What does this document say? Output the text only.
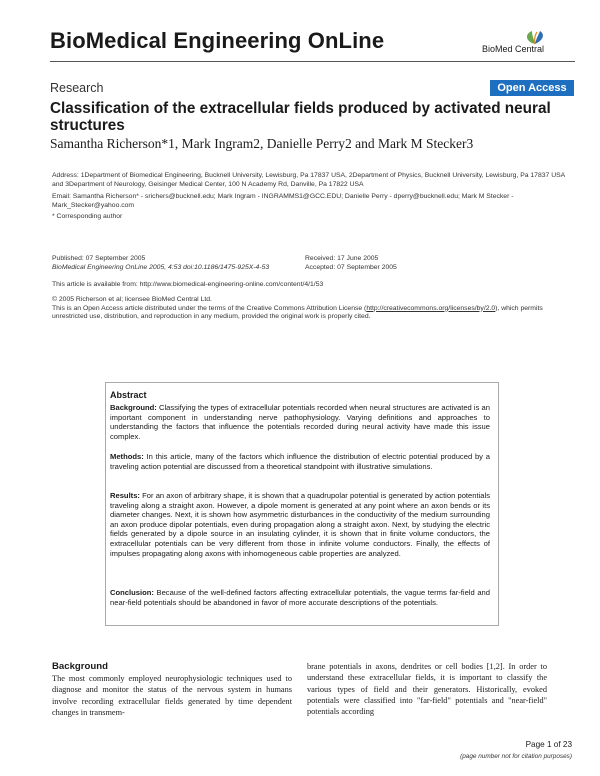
BioMedical Engineering OnLine	BioMed Central
Research	Open Access
Classification of the extracellular fields produced by activated neural structures
Samantha Richerson*1, Mark Ingram2, Danielle Perry2 and Mark M Stecker3
Address: 1Department of Biomedical Engineering, Bucknell University, Lewisburg, Pa 17837 USA, 2Department of Physics, Bucknell University, Lewisburg, Pa 17837 USA and 3Department of Neurology, Geisinger Medical Center, 100 N Academy Rd, Danville, Pa 17822 USA
Email: Samantha Richerson* - srichers@bucknell.edu; Mark Ingram - INGRAMMS1@GCC.EDU; Danielle Perry - dperry@bucknell.edu; Mark M Stecker - Mark_Stecker@yahoo.com
* Corresponding author
Published: 07 September 2005
BioMedical Engineering OnLine 2005, 4:53 doi:10.1186/1475-925X-4-53
Received: 17 June 2005
Accepted: 07 September 2005
This article is available from: http://www.biomedical-engineering-online.com/content/4/1/53
© 2005 Richerson et al; licensee BioMed Central Ltd.
This is an Open Access article distributed under the terms of the Creative Commons Attribution License (http://creativecommons.org/licenses/by/2.0), which permits unrestricted use, distribution, and reproduction in any medium, provided the original work is properly cited.
Abstract
Background: Classifying the types of extracellular potentials recorded when neural structures are activated is an important component in understanding nerve pathophysiology. Varying definitions and approaches to understanding the factors that influence the potentials recorded during neural activity have made this issue complex.
Methods: In this article, many of the factors which influence the distribution of electric potential produced by a traveling action potential are discussed from a theoretical standpoint with illustrative simulations.
Results: For an axon of arbitrary shape, it is shown that a quadrupolar potential is generated by action potentials traveling along a straight axon. However, a dipole moment is generated at any point where an axon bends or its diameter changes. Next, it is shown how asymmetric disturbances in the conductivity of the medium surrounding an axon produce dipolar potentials, even during propagation along a straight axon. Next, by studying the electric fields generated by a dipole source in an insulating cylinder, it is shown that in finite volume conductors, the extracellular potentials can be very different from those in infinite volume conductors. Finally, the effects of impulses propagating along axons with inhomogeneous cable properties are analyzed.
Conclusion: Because of the well-defined factors affecting extracellular potentials, the vague terms far-field and near-field potentials should be abandoned in favor of more accurate descriptions of the potentials.
Background
The most commonly employed neurophysiologic techniques used to diagnose and monitor the status of the nervous system in humans involve recording extracellular fields generated by time dependent changes in transmem-
brane potentials in axons, dendrites or cell bodies [1,2]. In order to understand these extracellular fields, it is important to classify the various types of field and their generators. Historically, evoked potentials were classified into "far-field" potentials and "near-field" potentials according
Page 1 of 23
(page number not for citation purposes)
